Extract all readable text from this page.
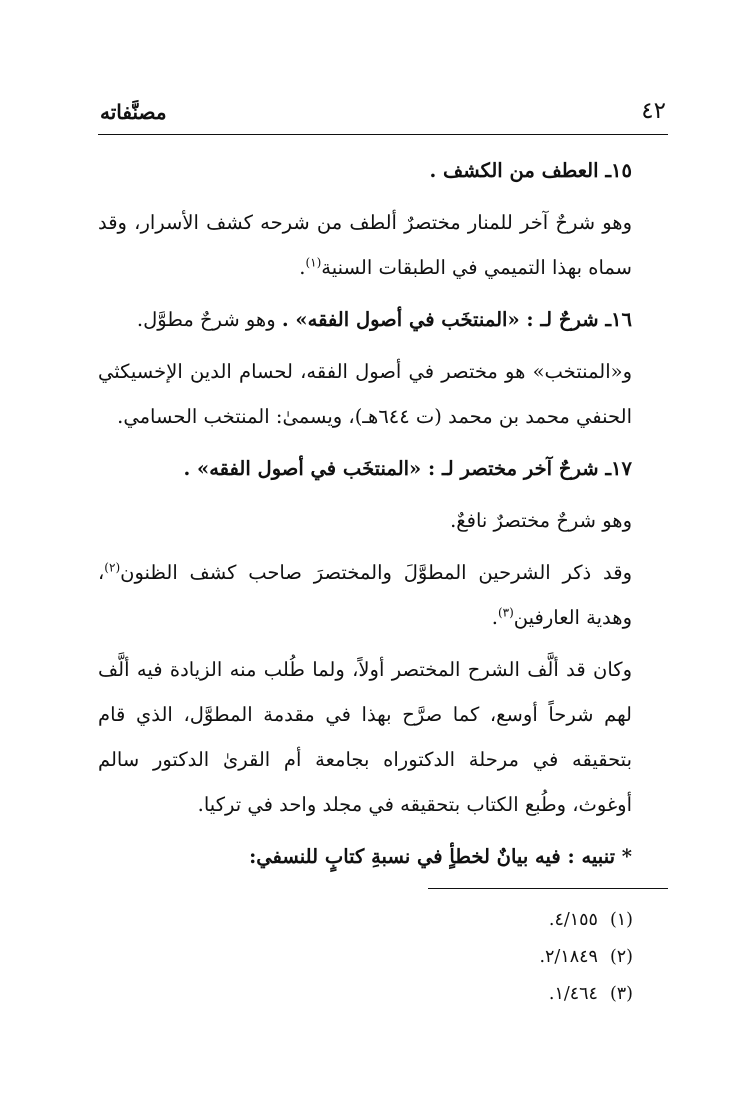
٤٢
مصنَّفاته

١٥ـ العطف من الكشف .

وهو شرحٌ آخر للمنار مختصرٌ ألطف من شرحه كشف الأسرار، وقد سماه بهذا التميمي في الطبقات السنية$^{(١)}$.

١٦ـ شرحٌ لـ : «المنتخَب في أصول الفقه» . وهو شرحٌ مطوَّل.

و«المنتخب» هو مختصر في أصول الفقه، لحسام الدين الإخسيكثي الحنفي محمد بن محمد (ت ٦٤٤هـ)، ويسمىٰ: المنتخب الحسامي.

١٧ـ شرحٌ آخر مختصر لـ : «المنتخَب في أصول الفقه» .

وهو شرحٌ مختصرٌ نافعٌ.

وقد ذكر الشرحين المطوَّلَ والمختصرَ صاحب كشف الظنون$^{(٢)}$، وهدية العارفين$^{(٣)}$.

وكان قد ألَّف الشرح المختصر أولاً، ولما طُلب منه الزيادة فيه ألَّف لهم شرحاً أوسع، كما صرَّح بهذا في مقدمة المطوَّل، الذي قام بتحقيقه في مرحلة الدكتوراه بجامعة أم القرىٰ الدكتور سالم أوغوث، وطُبع الكتاب بتحقيقه في مجلد واحد في تركيا.

* تنبيه : فيه بيانٌ لخطأٍ في نسبةِ كتابٍ للنسفي:

(١)
٤/١٥٥.
(٢)
٢/١٨٤٩.
(٣)
١/٤٦٤.
